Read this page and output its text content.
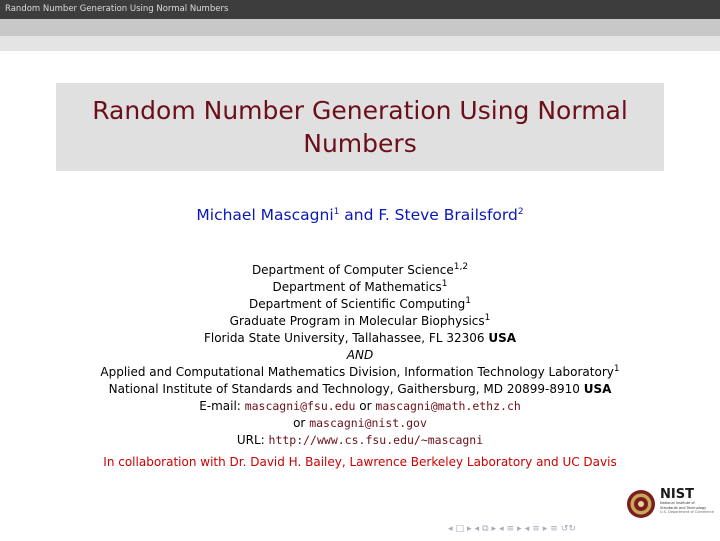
Random Number Generation Using Normal Numbers
Random Number Generation Using Normal Numbers
Michael Mascagni$^1$ and F. Steve Brailsford$^2$
Department of Computer Science$^{1,2}$
Department of Mathematics$^1$
Department of Scientific Computing$^1$
Graduate Program in Molecular Biophysics$^1$
Florida State University, Tallahassee, FL 32306 USA
AND
Applied and Computational Mathematics Division, Information Technology Laboratory$^1$
National Institute of Standards and Technology, Gaithersburg, MD 20899-8910 USA
E-mail: mascagni@fsu.edu or mascagni@math.ethz.ch
or mascagni@nist.gov
URL: http://www.cs.fsu.edu/∼mascagni
In collaboration with Dr. David H. Bailey, Lawrence Berkeley Laboratory and UC Davis
NIST
National Institute of
Standards and Technology
U.S. Department of Commerce
◂ □ ▸ ◂ ⧉ ▸ ◂ ≡ ▸ ◂ ≡ ▸ ≡ ↺↻
